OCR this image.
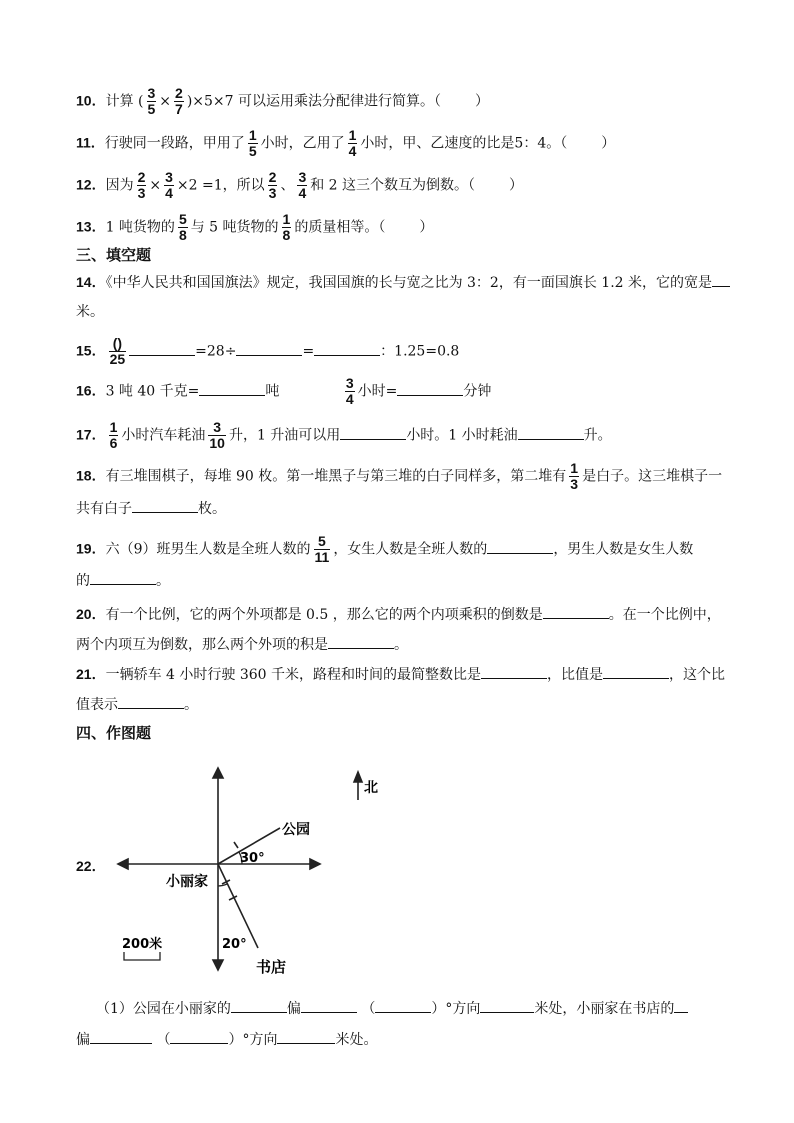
10．计算 ( $\frac{3}{5} \times \frac{2}{7} )\times 5\times 7$ 可以运用乘法分配律进行简算。（ ）
11．行驶同一段路，甲用了 $\frac{1}{5}$ 小时，乙用了 $\frac{1}{4}$ 小时，甲、乙速度的比是5：4。（ ）
12．因为 $\frac{2}{3} \times \frac{3}{4} \times 2 =1$，所以 $\frac{2}{3}$ 、 $\frac{3}{4}$ 和 2 这三个数互为倒数。（ ）
13．1 吨货物的 $\frac{5}{8}$ 与 5 吨货物的 $\frac{1}{8}$ 的质量相等。（ ）
三、填空题
14．《中华人民共和国国旗法》规定，我国国旗的长与宽之比为 3：2，有一面国旗长 1.2 米，它的宽是
米。
15． $\frac{()}{25}$	=28÷	=	：1.25=0.8
16．3 吨 40 千克=	吨	$\frac{3}{4}$ 小时=	分钟
17． $\frac{1}{6}$ 小时汽车耗油 $\frac{3}{10}$ 升，1 升油可以用	小时。1 小时耗油	升。
18．有三堆围棋子，每堆 90 枚。第一堆黑子与第三堆的白子同样多，第二堆有 $\frac{1}{3}$ 是白子。这三堆棋子一
共有白子	枚。
19．六（9）班男生人数是全班人数的 $\frac{5}{11}$ ，女生人数是全班人数的	，男生人数是女生人数
的	。
20．有一个比例，它的两个外项都是 0.5 ，那么它的两个内项乘积的倒数是	。在一个比例中，
两个内项互为倒数，那么两个外项的积是	。
21．一辆轿车 4 小时行驶 360 千米，路程和时间的最简整数比是	，比值是	，这个比
值表示	。
四、作图题
22．
公园
30°
小丽家
20°
书店
北
200米
（1）公园在小丽家的	偏	（	）°方向	米处，小丽家在书店的
偏	（	）°方向	米处。
